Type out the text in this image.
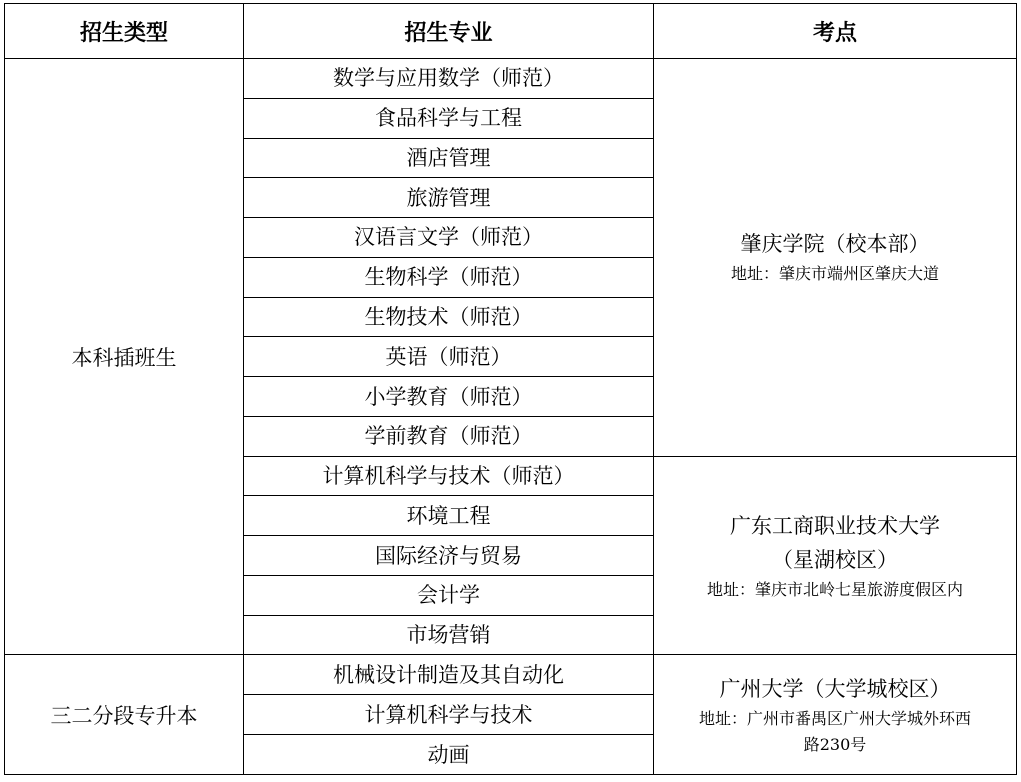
招生类型	招生专业	考点
本科插班生	数学与应用数学（师范）	肇庆学院（校本部）
地址：肇庆市端州区肇庆大道

	食品科学与工程	
	酒店管理	
	旅游管理	
	汉语言文学（师范）	
	生物科学（师范）	
	生物技术（师范）	
	英语（师范）	
	小学教育（师范）	
	学前教育（师范）	
	计算机科学与技术（师范）	广东工商职业技术大学
（星湖校区）
地址：肇庆市北岭七星旅游度假区内

	环境工程	
	国际经济与贸易	
	会计学	
	市场营销	
三二分段专升本	机械设计制造及其自动化	广州大学（大学城校区）
地址：广州市番禺区广州大学城外环西
路230号

	计算机科学与技术	
	动画	
